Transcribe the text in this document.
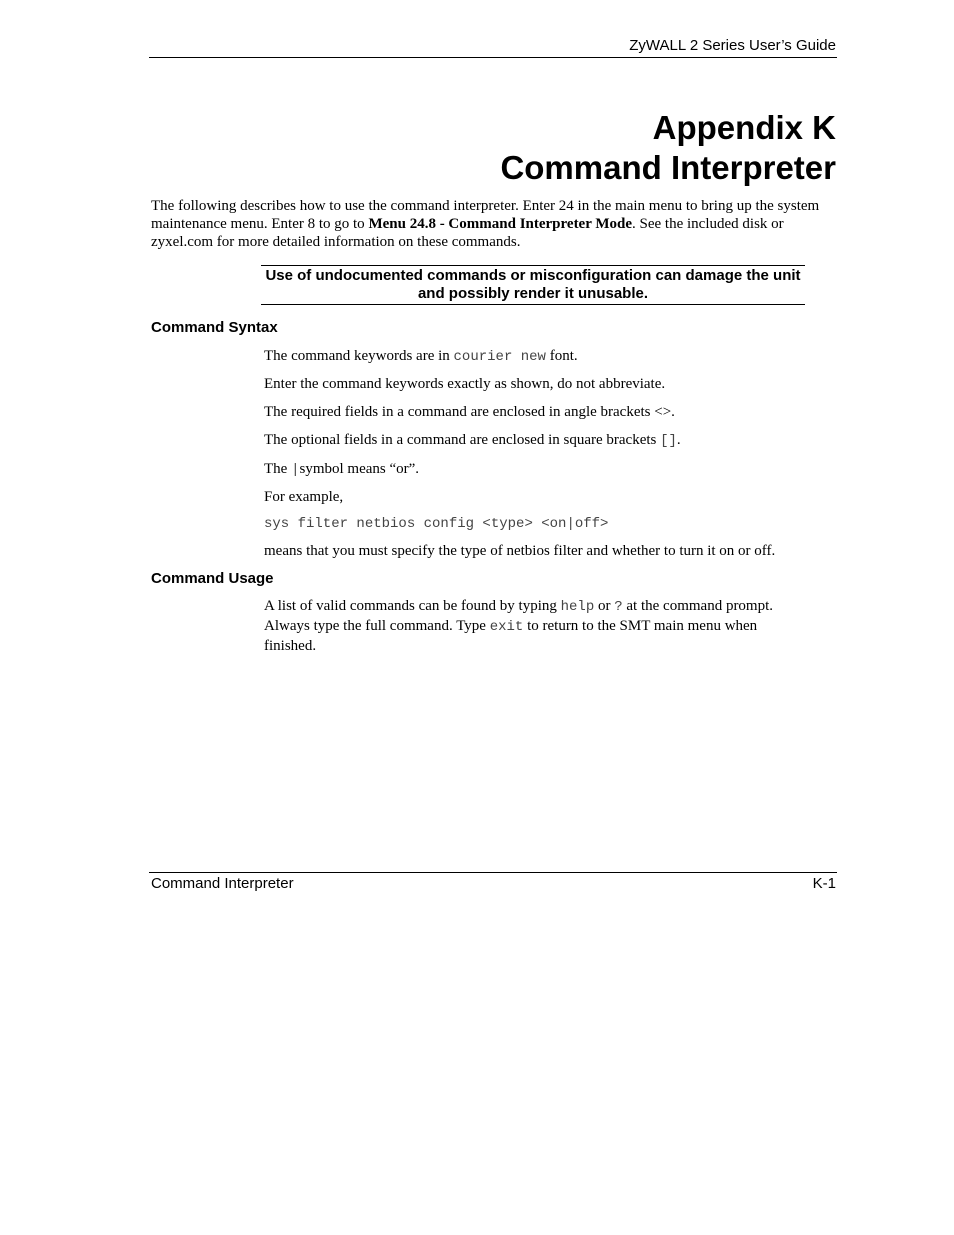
ZyWALL 2 Series User’s Guide
Appendix K
Command Interpreter
The following describes how to use the command interpreter. Enter 24 in the main menu to bring up the system maintenance menu. Enter 8 to go to Menu 24.8 - Command Interpreter Mode. See the included disk or zyxel.com for more detailed information on these commands.
Use of undocumented commands or misconfiguration can damage the unit and possibly render it unusable.
Command Syntax
The command keywords are in courier new font.
Enter the command keywords exactly as shown, do not abbreviate.
The required fields in a command are enclosed in angle brackets <>.
The optional fields in a command are enclosed in square brackets [].
The |symbol means “or”.
For example,
sys filter netbios config <type> <on|off>
means that you must specify the type of netbios filter and whether to turn it on or off.
Command Usage
A list of valid commands can be found by typing help or ? at the command prompt. Always type the full command. Type exit to return to the SMT main menu when finished.
Command Interpreter	K-1
